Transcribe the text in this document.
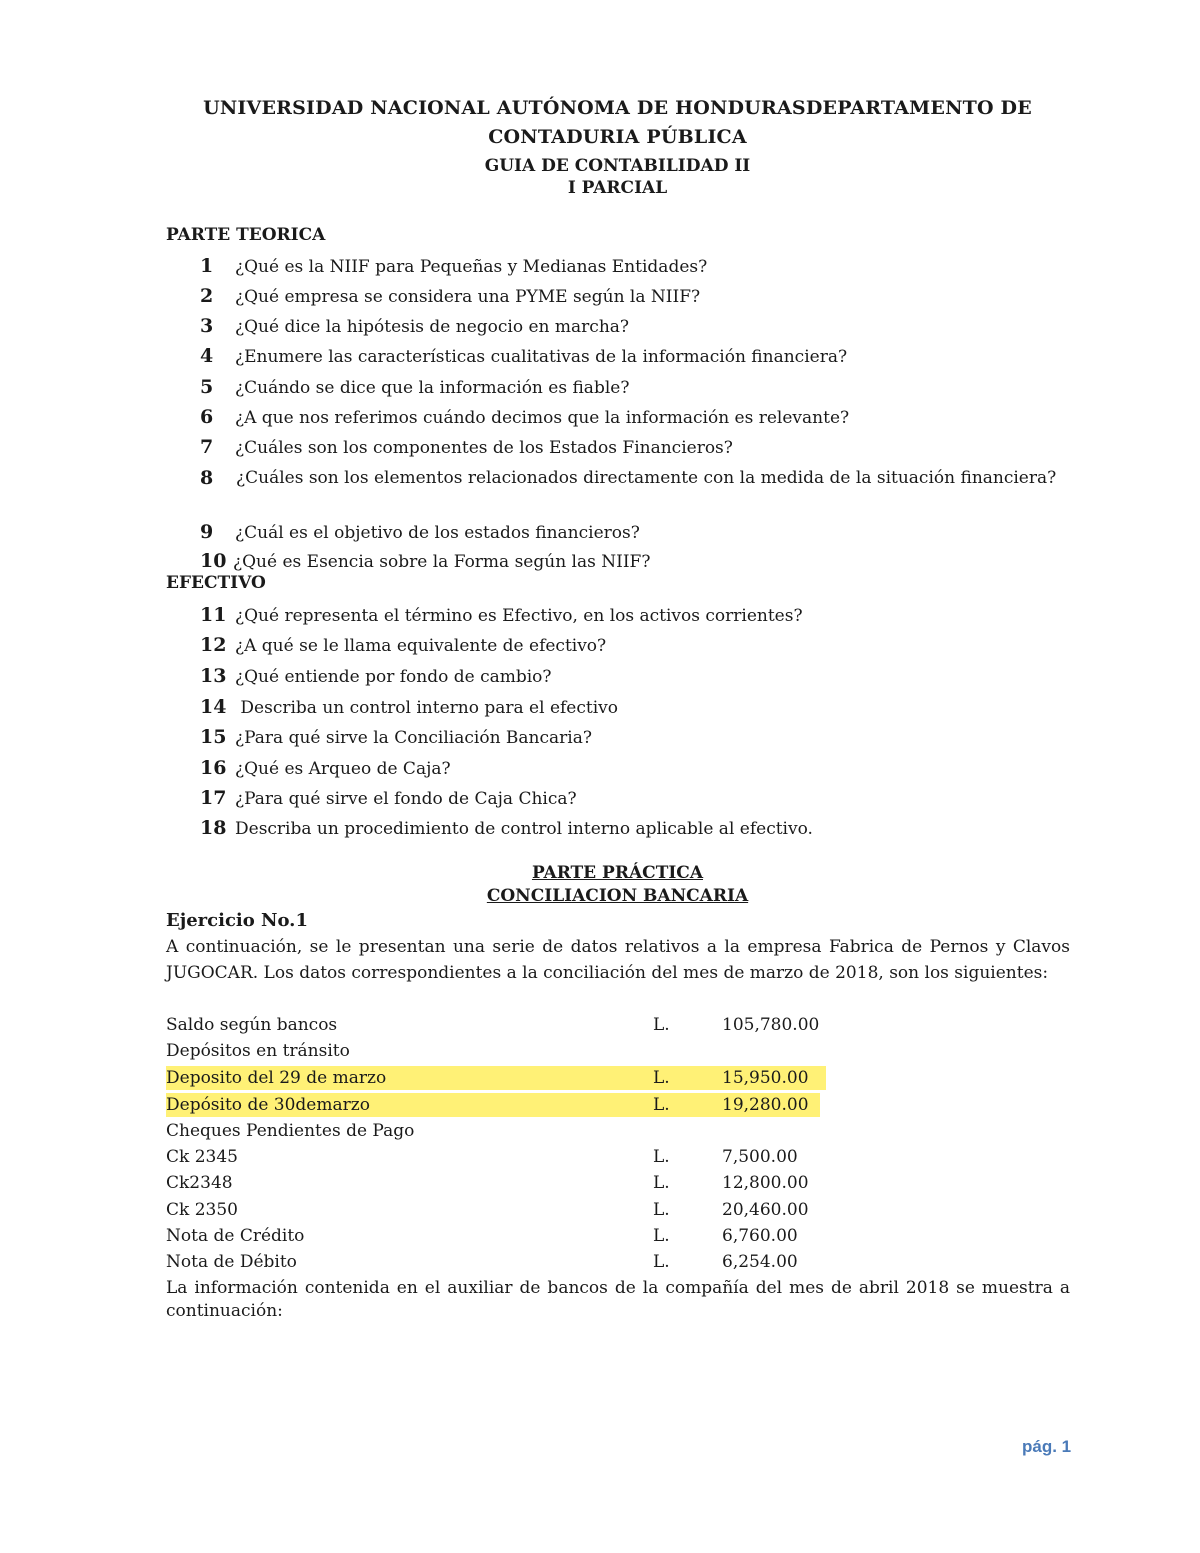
UNIVERSIDAD NACIONAL AUTÓNOMA DE HONDURASDEPARTAMENTO DE
CONTADURIA PÚBLICA
GUIA DE CONTABILIDAD II
I PARCIAL
PARTE TEORICA
1 ¿Qué es la NIIF para Pequeñas y Medianas Entidades?
2 ¿Qué empresa se considera una PYME según la NIIF?
3 ¿Qué dice la hipótesis de negocio en marcha?
4 ¿Enumere las características cualitativas de la información financiera?
5 ¿Cuándo se dice que la información es fiable?
6 ¿A que nos referimos cuándo decimos que la información es relevante?
7 ¿Cuáles son los componentes de los Estados Financieros?
8 ¿Cuáles son los elementos relacionados directamente con la medida de la situación financiera?
9 ¿Cuál es el objetivo de los estados financieros?
10 ¿Qué es Esencia sobre la Forma según las NIIF?
EFECTIVO
11 ¿Qué representa el término es Efectivo, en los activos corrientes?
12 ¿A qué se le llama equivalente de efectivo?
13 ¿Qué entiende por fondo de cambio?
14 Describa un control interno para el efectivo
15 ¿Para qué sirve la Conciliación Bancaria?
16 ¿Qué es Arqueo de Caja?
17 ¿Para qué sirve el fondo de Caja Chica?
18 Describa un procedimiento de control interno aplicable al efectivo.
PARTE PRÁCTICA
CONCILIACION BANCARIA
Ejercicio No.1
A continuación, se le presentan una serie de datos relativos a la empresa Fabrica de Pernos y Clavos JUGOCAR. Los datos correspondientes a la conciliación del mes de marzo de 2018, son los siguientes:
Saldo según bancos	L.	105,780.00
Depósitos en tránsito
Deposito del 29 de marzo	L.	15,950.00
Depósito de 30demarzo	L.	19,280.00
Cheques Pendientes de Pago
Ck 2345	L.	7,500.00
Ck2348	L.	12,800.00
Ck 2350	L.	20,460.00
Nota de Crédito	L.	6,760.00
Nota de Débito	L.	6,254.00
La información contenida en el auxiliar de bancos de la compañía del mes de abril 2018 se muestra a continuación:
pág. 1
